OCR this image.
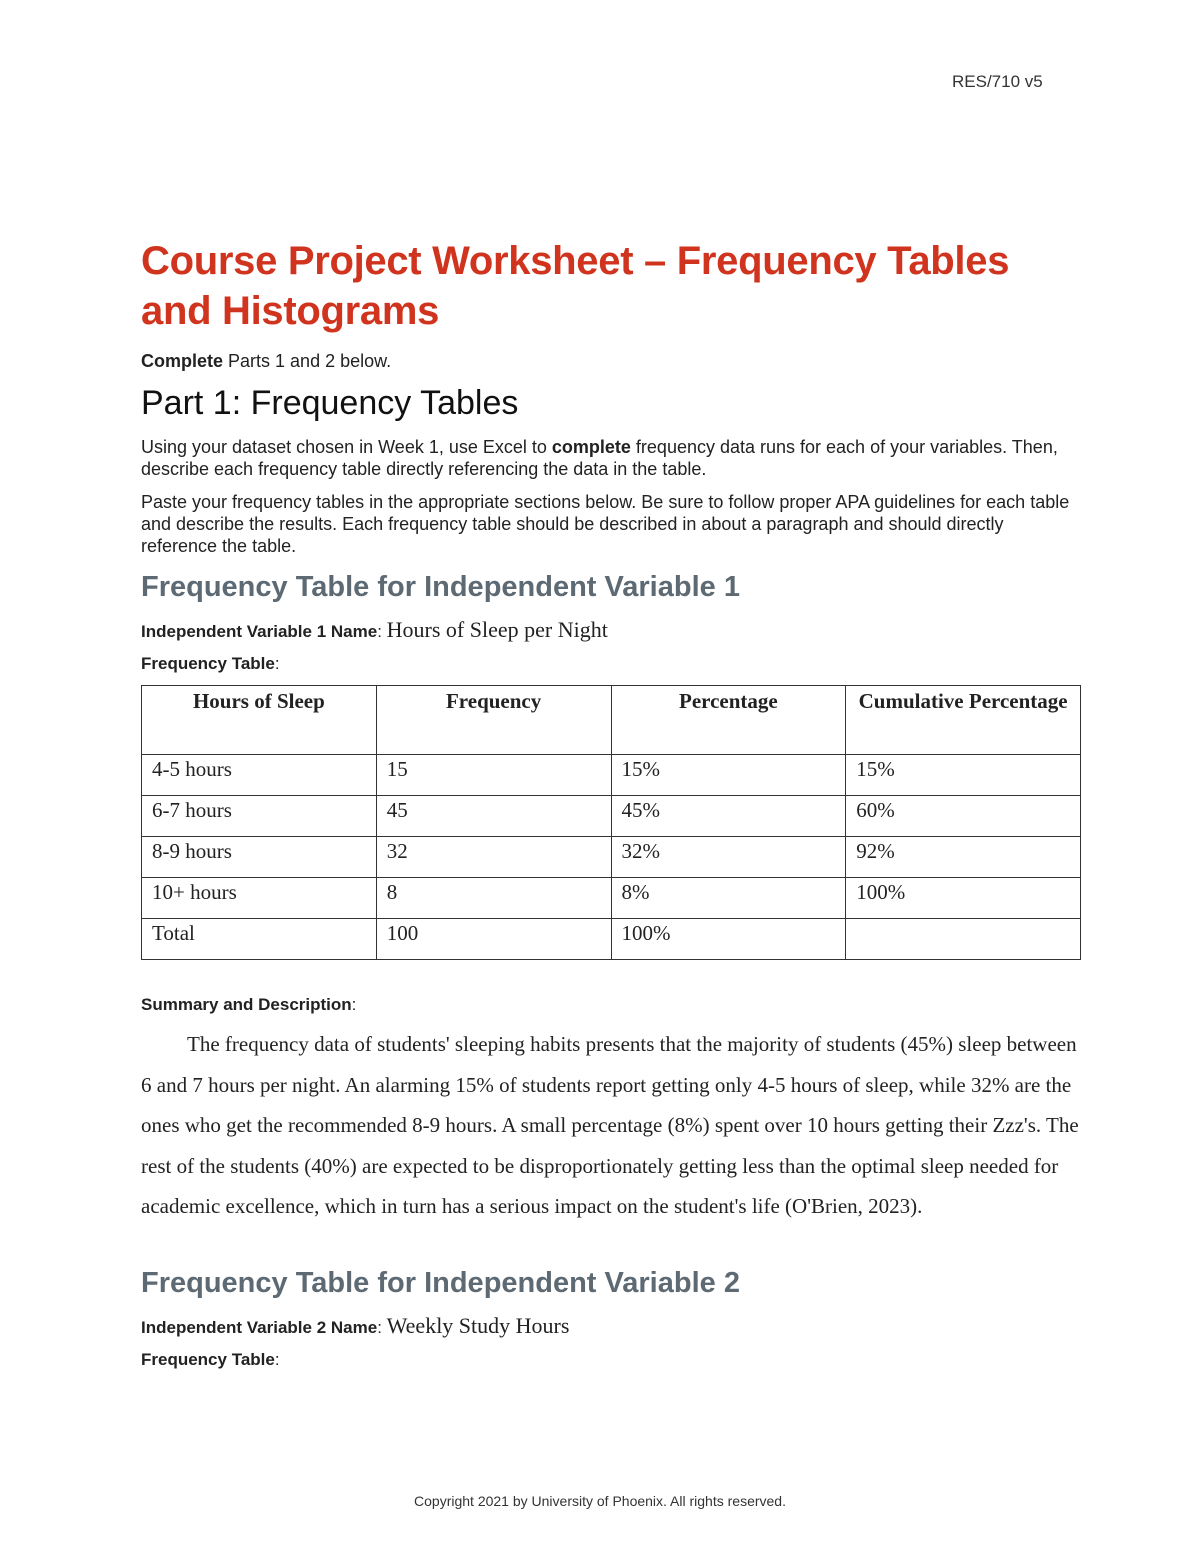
RES/710 v5
Course Project Worksheet – Frequency Tables and Histograms

Complete Parts 1 and 2 below.

Part 1: Frequency Tables

Using your dataset chosen in Week 1, use Excel to complete frequency data runs for each of your variables. Then, describe each frequency table directly referencing the data in the table.

Paste your frequency tables in the appropriate sections below. Be sure to follow proper APA guidelines for each table and describe the results. Each frequency table should be described in about a paragraph and should directly reference the table.

Frequency Table for Independent Variable 1
Independent Variable 1 Name: Hours of Sleep per Night
Frequency Table:
Hours of Sleep	Frequency	Percentage	Cumulative Percentage
4-5 hours	15	15%	15%
6-7 hours	45	45%	60%
8-9 hours	32	32%	92%
10+ hours	8	8%	100%
Total	100	100%	
Summary and Description:

The frequency data of students' sleeping habits presents that the majority of students (45%) sleep between 6 and 7 hours per night. An alarming 15% of students report getting only 4-5 hours of sleep, while 32% are the ones who get the recommended 8-9 hours. A small percentage (8%) spent over 10 hours getting their Zzz's. The rest of the students (40%) are expected to be disproportionately getting less than the optimal sleep needed for academic excellence, which in turn has a serious impact on the student's life (O'Brien, 2023).

Frequency Table for Independent Variable 2
Independent Variable 2 Name: Weekly Study Hours
Frequency Table:
Copyright 2021 by University of Phoenix. All rights reserved.
